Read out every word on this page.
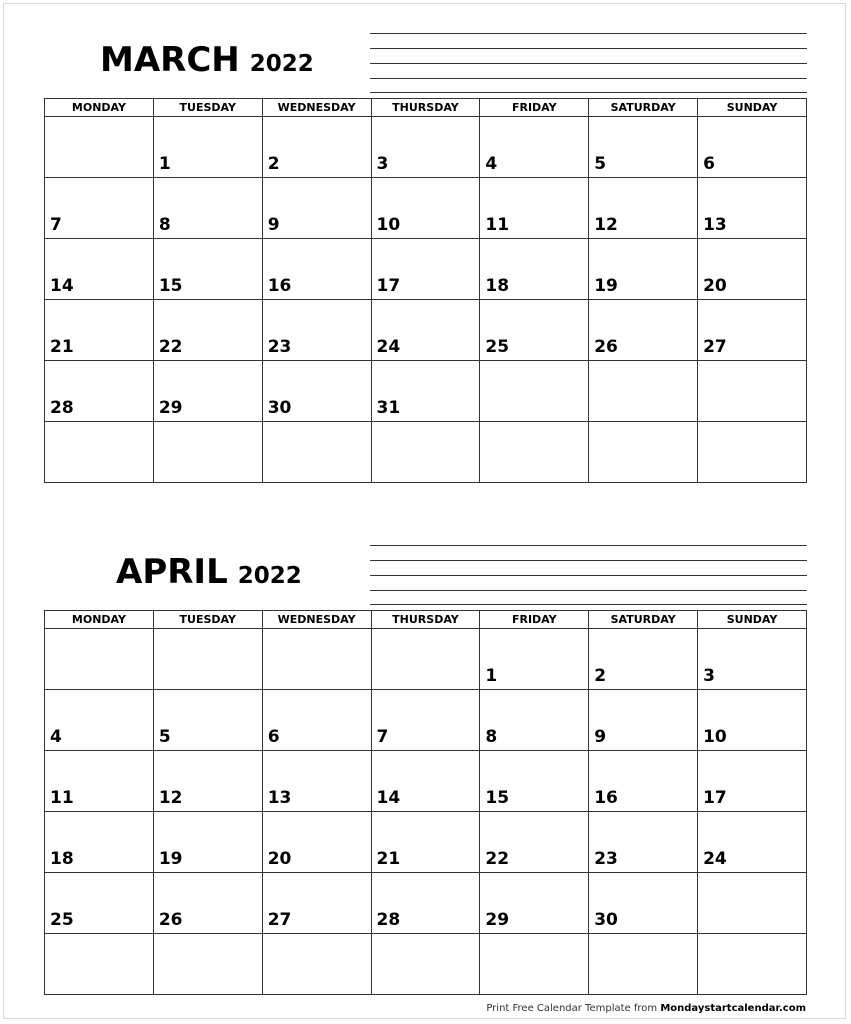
MARCH 2022
MONDAY	TUESDAY	WEDNESDAY	THURSDAY	FRIDAY	SATURDAY	SUNDAY

	1	2	3	4	5	6

7	8	9	10	11	12	13

14	15	16	17	18	19	20

21	22	23	24	25	26	27

28	29	30	31			

APRIL 2022
MONDAY	TUESDAY	WEDNESDAY	THURSDAY	FRIDAY	SATURDAY	SUNDAY

				1	2	3

4	5	6	7	8	9	10

11	12	13	14	15	16	17

18	19	20	21	22	23	24

25	26	27	28	29	30	

Print Free Calendar Template from Mondaystartcalendar.com
